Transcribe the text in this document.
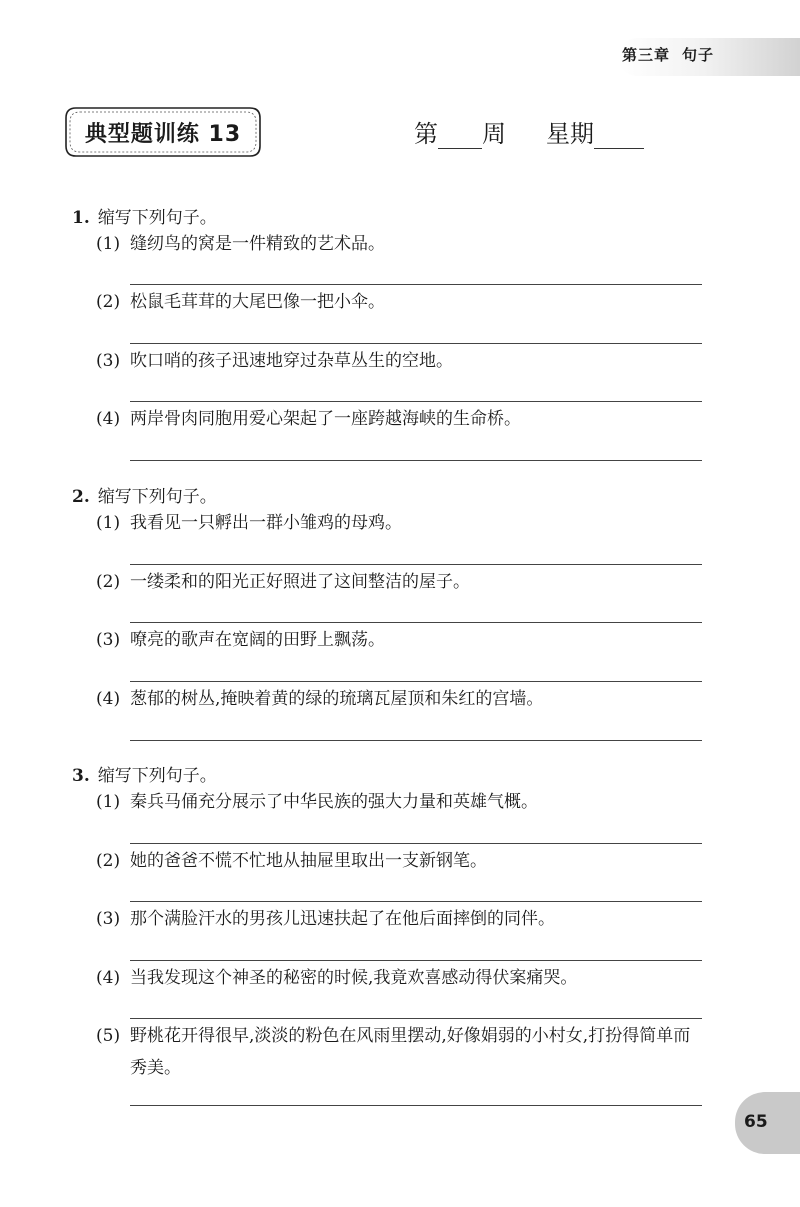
第三章 句子
典型题训练 13	第 周 星期
1. 缩写下列句子。
(1) 缝纫鸟的窝是一件精致的艺术品。
(2) 松鼠毛茸茸的大尾巴像一把小伞。
(3) 吹口哨的孩子迅速地穿过杂草丛生的空地。
(4) 两岸骨肉同胞用爱心架起了一座跨越海峡的生命桥。
2. 缩写下列句子。
(1) 我看见一只孵出一群小雏鸡的母鸡。
(2) 一缕柔和的阳光正好照进了这间整洁的屋子。
(3) 嘹亮的歌声在宽阔的田野上飘荡。
(4) 葱郁的树丛,掩映着黄的绿的琉璃瓦屋顶和朱红的宫墙。
3. 缩写下列句子。
(1) 秦兵马俑充分展示了中华民族的强大力量和英雄气概。
(2) 她的爸爸不慌不忙地从抽屉里取出一支新钢笔。
(3) 那个满脸汗水的男孩儿迅速扶起了在他后面摔倒的同伴。
(4) 当我发现这个神圣的秘密的时候,我竟欢喜感动得伏案痛哭。
(5) 野桃花开得很早,淡淡的粉色在风雨里摆动,好像娟弱的小村女,打扮得简单而秀美。
65
